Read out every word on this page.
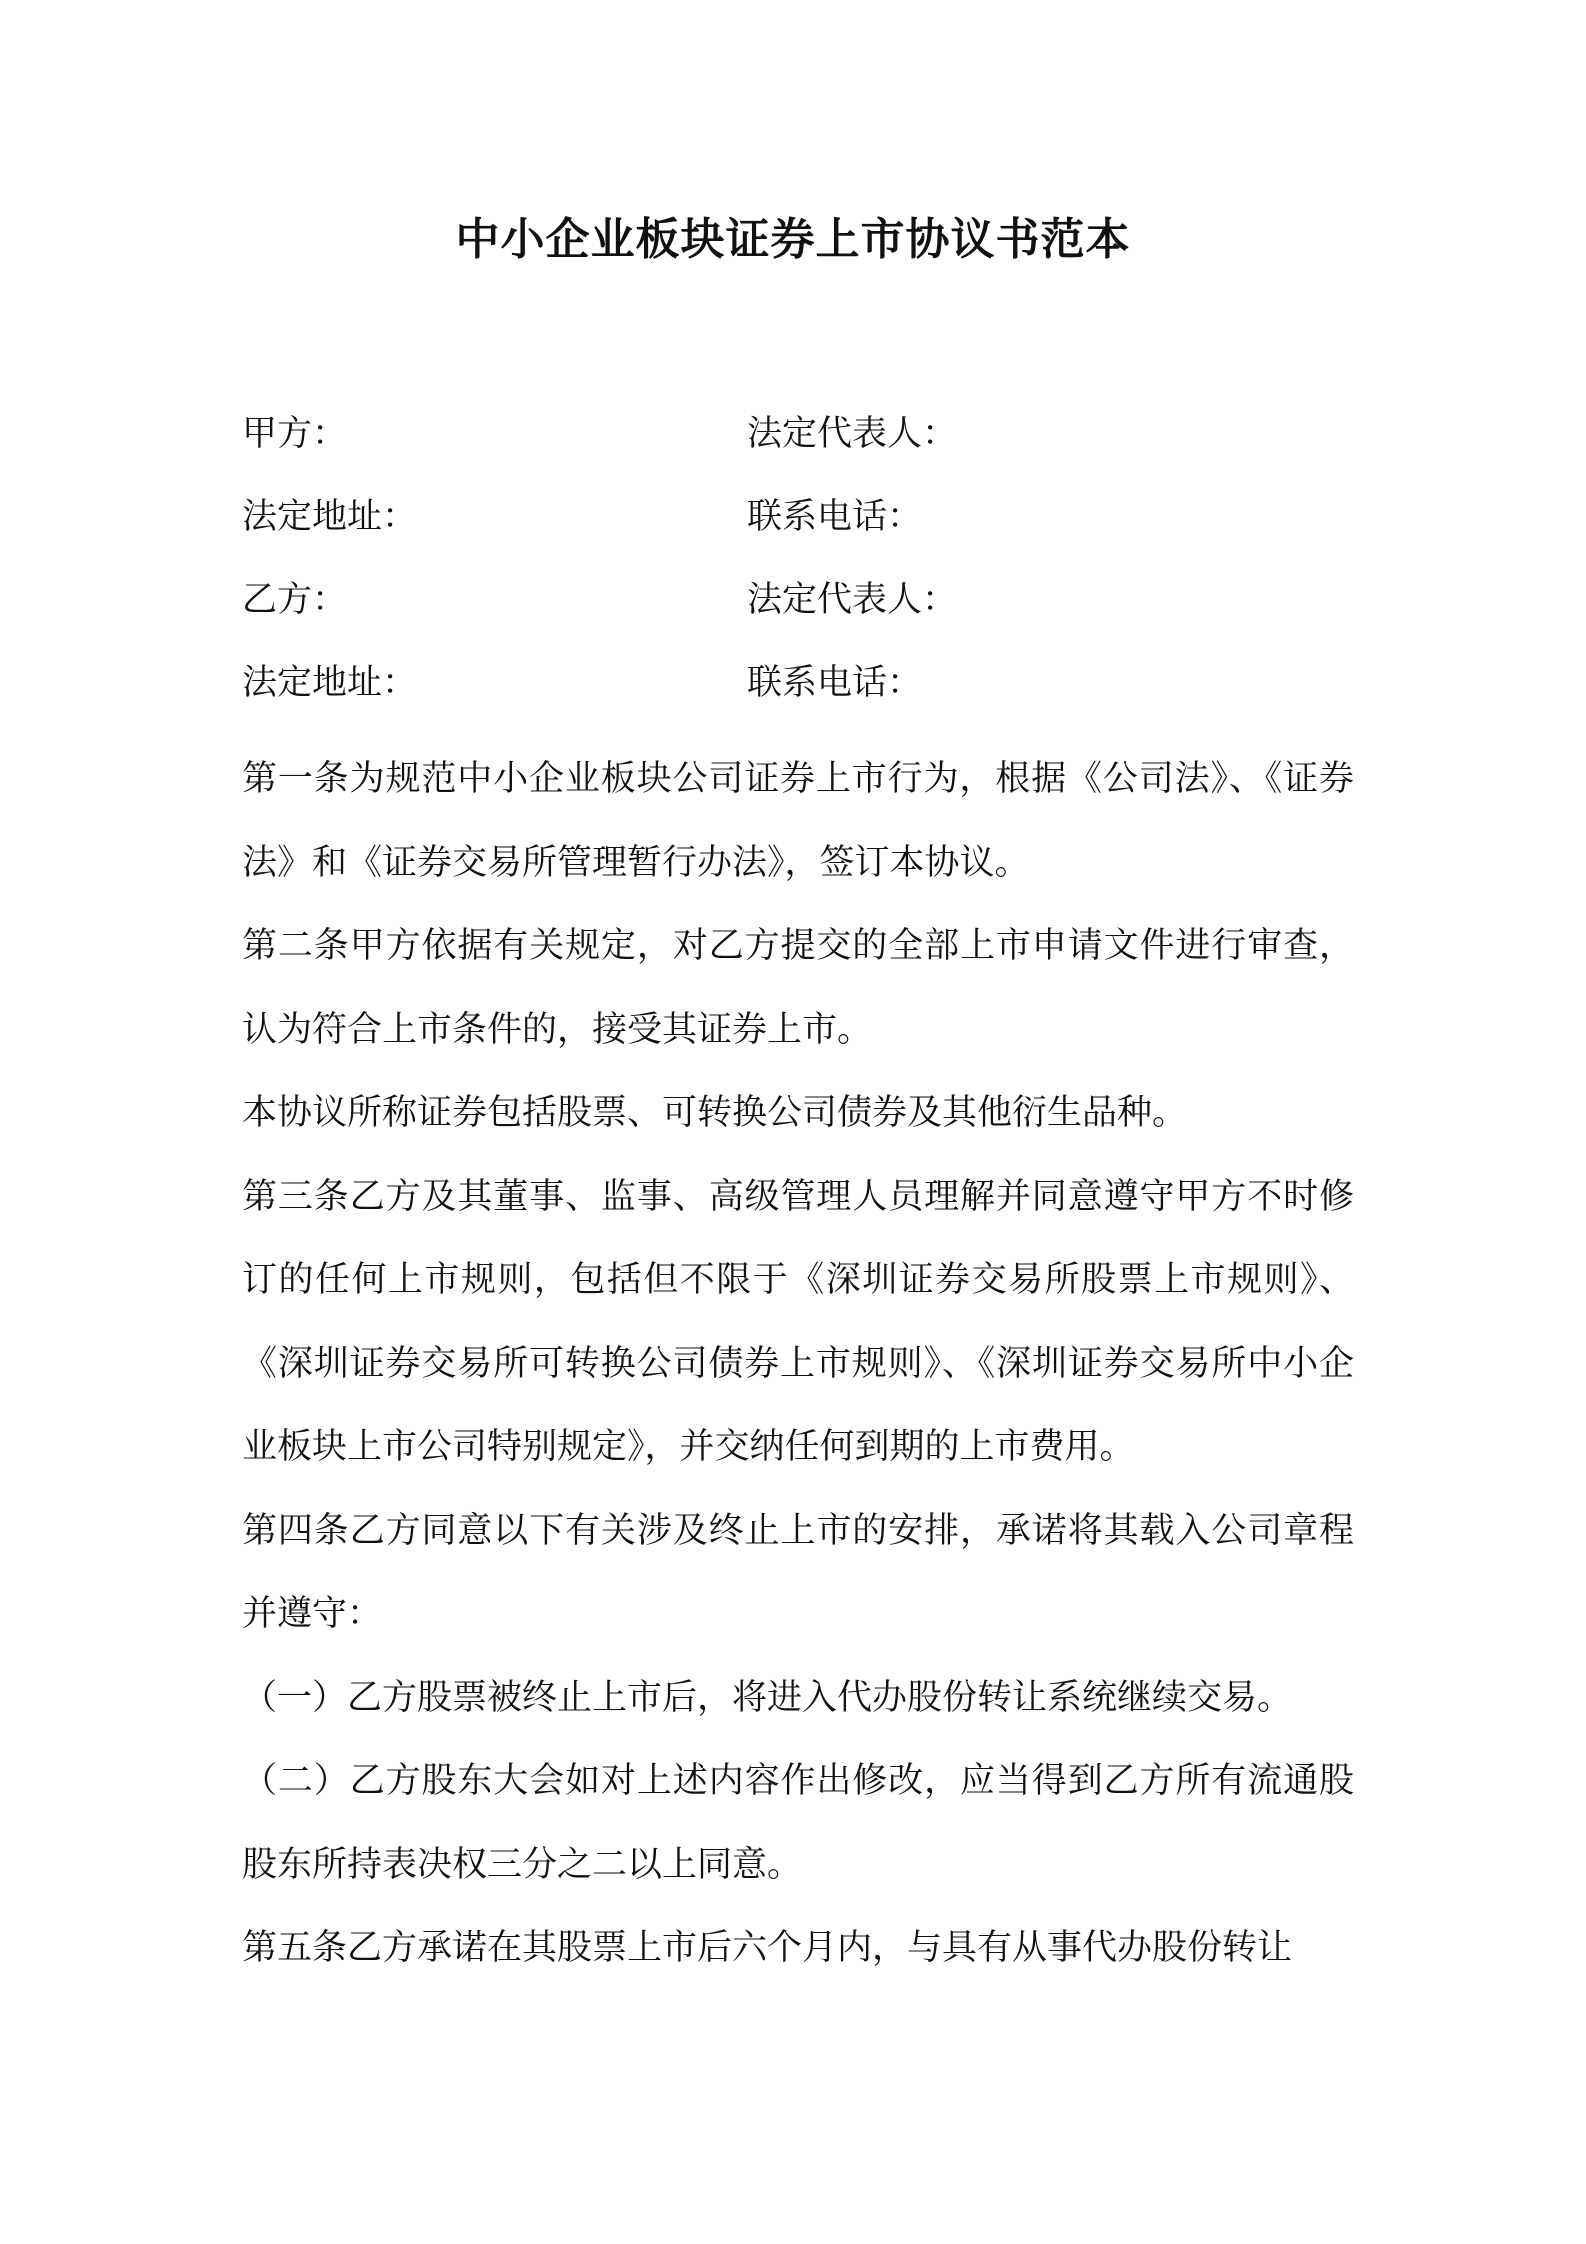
中小企业板块证券上市协议书范本
甲方：	法定代表人：
法定地址：	联系电话：
乙方：	法定代表人：
法定地址：	联系电话：

第一条为规范中小企业板块公司证券上市行为，根据《公司法》、《证券法》和《证券交易所管理暂行办法》，签订本协议。

第二条甲方依据有关规定，对乙方提交的全部上市申请文件进行审查，认为符合上市条件的，接受其证券上市。

本协议所称证券包括股票、可转换公司债券及其他衍生品种。

第三条乙方及其董事、监事、高级管理人员理解并同意遵守甲方不时修订的任何上市规则，包括但不限于《深圳证券交易所股票上市规则》、《深圳证券交易所可转换公司债券上市规则》、《深圳证券交易所中小企业板块上市公司特别规定》，并交纳任何到期的上市费用。

第四条乙方同意以下有关涉及终止上市的安排，承诺将其载入公司章程并遵守：

（一）乙方股票被终止上市后，将进入代办股份转让系统继续交易。

（二）乙方股东大会如对上述内容作出修改，应当得到乙方所有流通股股东所持表决权三分之二以上同意。

第五条乙方承诺在其股票上市后六个月内，与具有从事代办股份转让
